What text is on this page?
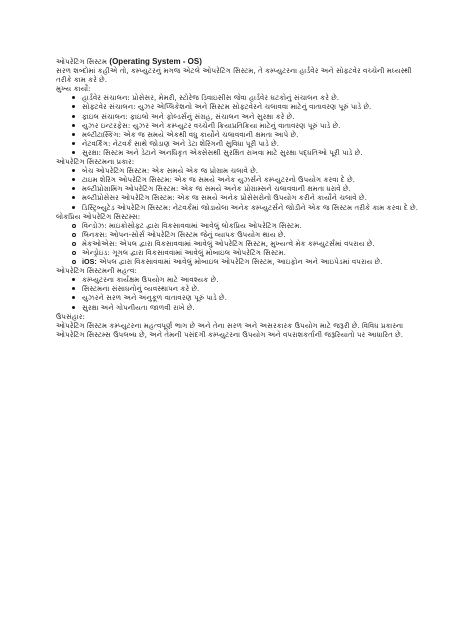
ઓપરેટિંગ સિસ્ટમ (Operating System - OS)

સરળ શબ્દોમાં કહીએ તો, કમ્પ્યુટરનું મગજ એટલે ઓપરેટિંગ સિસ્ટમ, તે કમ્પ્યુટરના હાર્ડવેર અને સોફ્ટવેર વચ્ચેની મધ્યસ્થી તરીકે કામ કરે છે.

મુખ્ય કાર્યો:

હાર્ડવેર સંચાલન: પ્રોસેસર, મેમરી, સ્ટોરેજ ડિવાઇસીસ જેવા હાર્ડવેર ઘટકોનું સંચાલન કરે છે.
સોફ્ટવેર સંચાલન: યુઝર એપ્લિકેશનો અને સિસ્ટમ સોફ્ટવેરને ચલાવવા માટેનું વાતાવરણ પૂરું પાડે છે.
ફાઇલ સંચાલન: ફાઇલો અને ફોલ્ડર્સનું સંગ્રહ, સંચાલન અને સુરક્ષા કરે છે.
યુઝર ઇન્ટરફેસ: યુઝર અને કમ્પ્યુટર વચ્ચેની ક્રિયાપ્રતિક્રિયા માટેનું વાતાવરણ પૂરું પાડે છે.
મલ્ટીટાસ્કિંગ: એક જ સમયે એકથી વધુ કાર્યોને ચલાવવાની ક્ષમતા આપે છે.
નેટવર્કિંગ: નેટવર્ક સાથે જોડાણ અને ડેટા શેરિંગની સુવિધા પૂરી પાડે છે.
સુરક્ષા: સિસ્ટમ અને ડેટાને અનધિકૃત એક્સેસથી સુરક્ષિત રાખવા માટે સુરક્ષા પદ્ધતિઓ પૂરી પાડે છે.

ઓપરેટિંગ સિસ્ટમના પ્રકાર:

બેચ ઓપરેટિંગ સિસ્ટમ: એક સમયે એક જ પ્રોગ્રામ ચલાવે છે.
ટાઇમ શેરિંગ ઓપરેટિંગ સિસ્ટમ: એક જ સમયે અનેક યુઝર્સને કમ્પ્યુટરનો ઉપયોગ કરવા દે છે.
મલ્ટીપ્રોગ્રામિંગ ઓપરેટિંગ સિસ્ટમ: એક જ સમયે અનેક પ્રોગ્રામ્સને ચલાવવાની ક્ષમતા ધરાવે છે.
મલ્ટીપ્રોસેસર ઓપરેટિંગ સિસ્ટમ: એક જ સમયે અનેક પ્રોસેસરોનો ઉપયોગ કરીને કાર્યોને ચલાવે છે.
ડિસ્ટ્રિબ્યુટેડ ઓપરેટિંગ સિસ્ટમ: નેટવર્કમાં જોડાયેલા અનેક કમ્પ્યુટર્સને જોડીને એક જ સિસ્ટમ તરીકે કામ કરવા દે છે.

લોકપ્રિય ઓપરેટિંગ સિસ્ટમ્સ:

વિન્ડોઝ: માઇક્રોસોફ્ટ દ્વારા વિકસાવવામાં આવેલું લોકપ્રિય ઓપરેટિંગ સિસ્ટમ.
લિનક્સ: ઓપન-સોર્સ ઓપરેટિંગ સિસ્ટમ જેનું વ્યાપક ઉપયોગ થાય છે.
મેકઓએસ: એપલ દ્વારા વિકસાવવામાં આવેલું ઓપરેટિંગ સિસ્ટમ, મુખ્યત્વે મેક કમ્પ્યુટર્સમાં વપરાય છે.
એન્ડ્રોઇડ: ગૂગલ દ્વારા વિકસાવવામાં આવેલું મોબાઇલ ઓપરેટિંગ સિસ્ટમ.
iOS: એપલ દ્વારા વિકસાવવામાં આવેલું મોબાઇલ ઓપરેટિંગ સિસ્ટમ, આઇફોન અને આઇપેડમાં વપરાય છે.

ઓપરેટિંગ સિસ્ટમની મહત્વ:

કમ્પ્યુટરના કાર્યક્ષમ ઉપયોગ માટે આવશ્યક છે.
સિસ્ટમના સંસાધનોનું વ્યવસ્થાપન કરે છે.
યુઝરને સરળ અને અનુકૂળ વાતાવરણ પૂરું પાડે છે.
સુરક્ષા અને ગોપનીયતા જાળવી રાખે છે.

ઉપસંહાર:

ઓપરેટિંગ સિસ્ટમ કમ્પ્યુટરના મહત્વપૂર્ણ ભાગ છે અને તેના સરળ અને અસરકારક ઉપયોગ માટે જરૂરી છે. વિવિધ પ્રકારના ઓપરેટિંગ સિસ્ટમ્સ ઉપલબ્ધ છે, અને તેમની પસંદગી કમ્પ્યુટરના ઉપયોગ અને વપરાશકર્તાની જરૂરિયાતો પર આધારિત છે.
